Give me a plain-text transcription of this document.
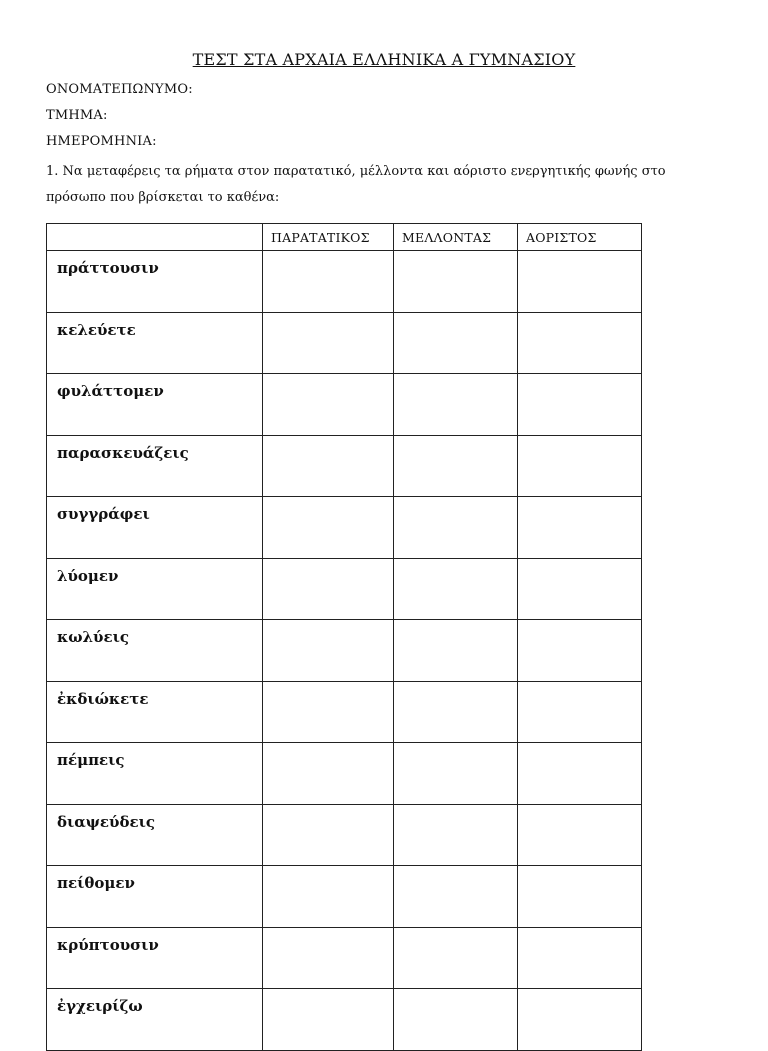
ΤΕΣΤ ΣΤΑ ΑΡΧΑΙΑ ΕΛΛΗΝΙΚΑ Α ΓΥΜΝΑΣΙΟΥ
ΟΝΟΜΑΤΕΠΩΝΥΜΟ:
ΤΜΗΜΑ:
ΗΜΕΡΟΜΗΝΙΑ:
1. Να μεταφέρεις τα ρήματα στον παρατατικό, μέλλοντα και αόριστο ενεργητικής φωνής στο πρόσωπο που βρίσκεται το καθένα:
	ΠΑΡΑΤΑΤΙΚΟΣ	ΜΕΛΛΟΝΤΑΣ	ΑΟΡΙΣΤΟΣ
πράττουσιν			
κελεύετε			
φυλάττομεν			
παρασκευάζεις			
συγγράφει			
λύομεν			
κωλύεις			
ἐκδιώκετε			
πέμπεις			
διαψεύδεις			
πείθομεν			
κρύπτουσιν			
ἐγχειρίζω			
